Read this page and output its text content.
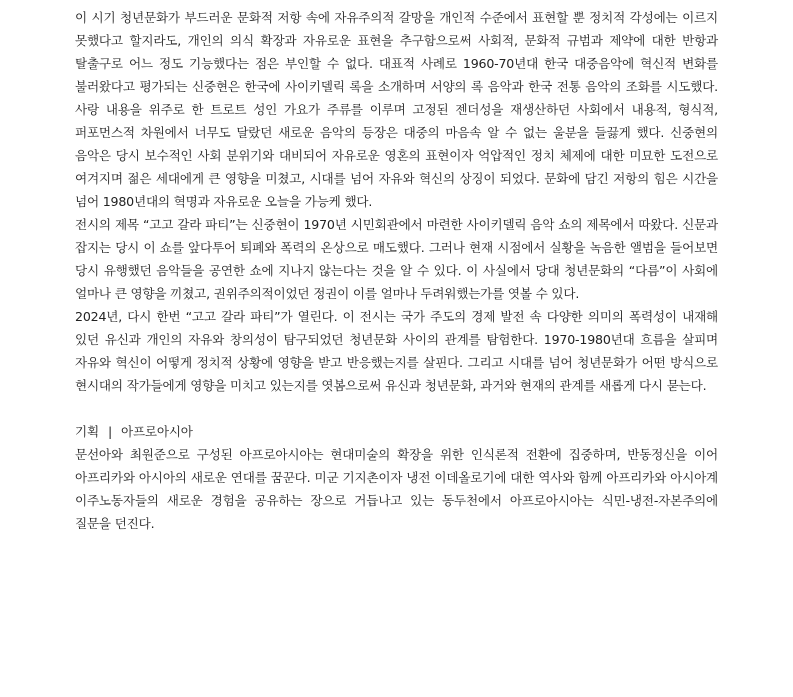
이 시기 청년문화가 부드러운 문화적 저항 속에 자유주의적 갈망을 개인적 수준에서 표현할 뿐 정치적 각성에는 이르지 못했다고 할지라도, 개인의 의식 확장과 자유로운 표현을 추구함으로써 사회적, 문화적 규범과 제약에 대한 반항과 탈출구로 어느 정도 기능했다는 점은 부인할 수 없다. 대표적 사례로 1960-70년대 한국 대중음악에 혁신적 변화를 불러왔다고 평가되는 신중현은 한국에 사이키델릭 록을 소개하며 서양의 록 음악과 한국 전통 음악의 조화를 시도했다. 사랑 내용을 위주로 한 트로트 성인 가요가 주류를 이루며 고정된 젠더성을 재생산하던 사회에서 내용적, 형식적, 퍼포먼스적 차원에서 너무도 달랐던 새로운 음악의 등장은 대중의 마음속 알 수 없는 울분을 들끓게 했다. 신중현의 음악은 당시 보수적인 사회 분위기와 대비되어 자유로운 영혼의 표현이자 억압적인 정치 체제에 대한 미묘한 도전으로 여겨지며 젊은 세대에게 큰 영향을 미쳤고, 시대를 넘어 자유와 혁신의 상징이 되었다. 문화에 담긴 저항의 힘은 시간을 넘어 1980년대의 혁명과 자유로운 오늘을 가능케 했다.

전시의 제목 “고고 갈라 파티”는 신중현이 1970년 시민회관에서 마련한 사이키델릭 음악 쇼의 제목에서 따왔다. 신문과 잡지는 당시 이 쇼를 앞다투어 퇴폐와 폭력의 온상으로 매도했다. 그러나 현재 시점에서 실황을 녹음한 앨범을 들어보면 당시 유행했던 음악들을 공연한 쇼에 지나지 않는다는 것을 알 수 있다. 이 사실에서 당대 청년문화의 “다름”이 사회에 얼마나 큰 영향을 끼쳤고, 권위주의적이었던 정권이 이를 얼마나 두려워했는가를 엿볼 수 있다.

2024년, 다시 한번 “고고 갈라 파티”가 열린다. 이 전시는 국가 주도의 경제 발전 속 다양한 의미의 폭력성이 내재해 있던 유신과 개인의 자유와 창의성이 탐구되었던 청년문화 사이의 관계를 탐험한다. 1970-1980년대 흐름을 살피며 자유와 혁신이 어떻게 정치적 상황에 영향을 받고 반응했는지를 살핀다. 그리고 시대를 넘어 청년문화가 어떤 방식으로 현시대의 작가들에게 영향을 미치고 있는지를 엿봄으로써 유신과 청년문화, 과거와 현재의 관계를 새롭게 다시 묻는다.

기획 | 아프로아시아

문선아와 최원준으로 구성된 아프로아시아는 현대미술의 확장을 위한 인식론적 전환에 집중하며, 반동정신을 이어 아프리카와 아시아의 새로운 연대를 꿈꾼다. 미군 기지촌이자 냉전 이데올로기에 대한 역사와 함께 아프리카와 아시아계 이주노동자들의 새로운 경험을 공유하는 장으로 거듭나고 있는 동두천에서 아프로아시아는 식민-냉전-자본주의에 질문을 던진다.
